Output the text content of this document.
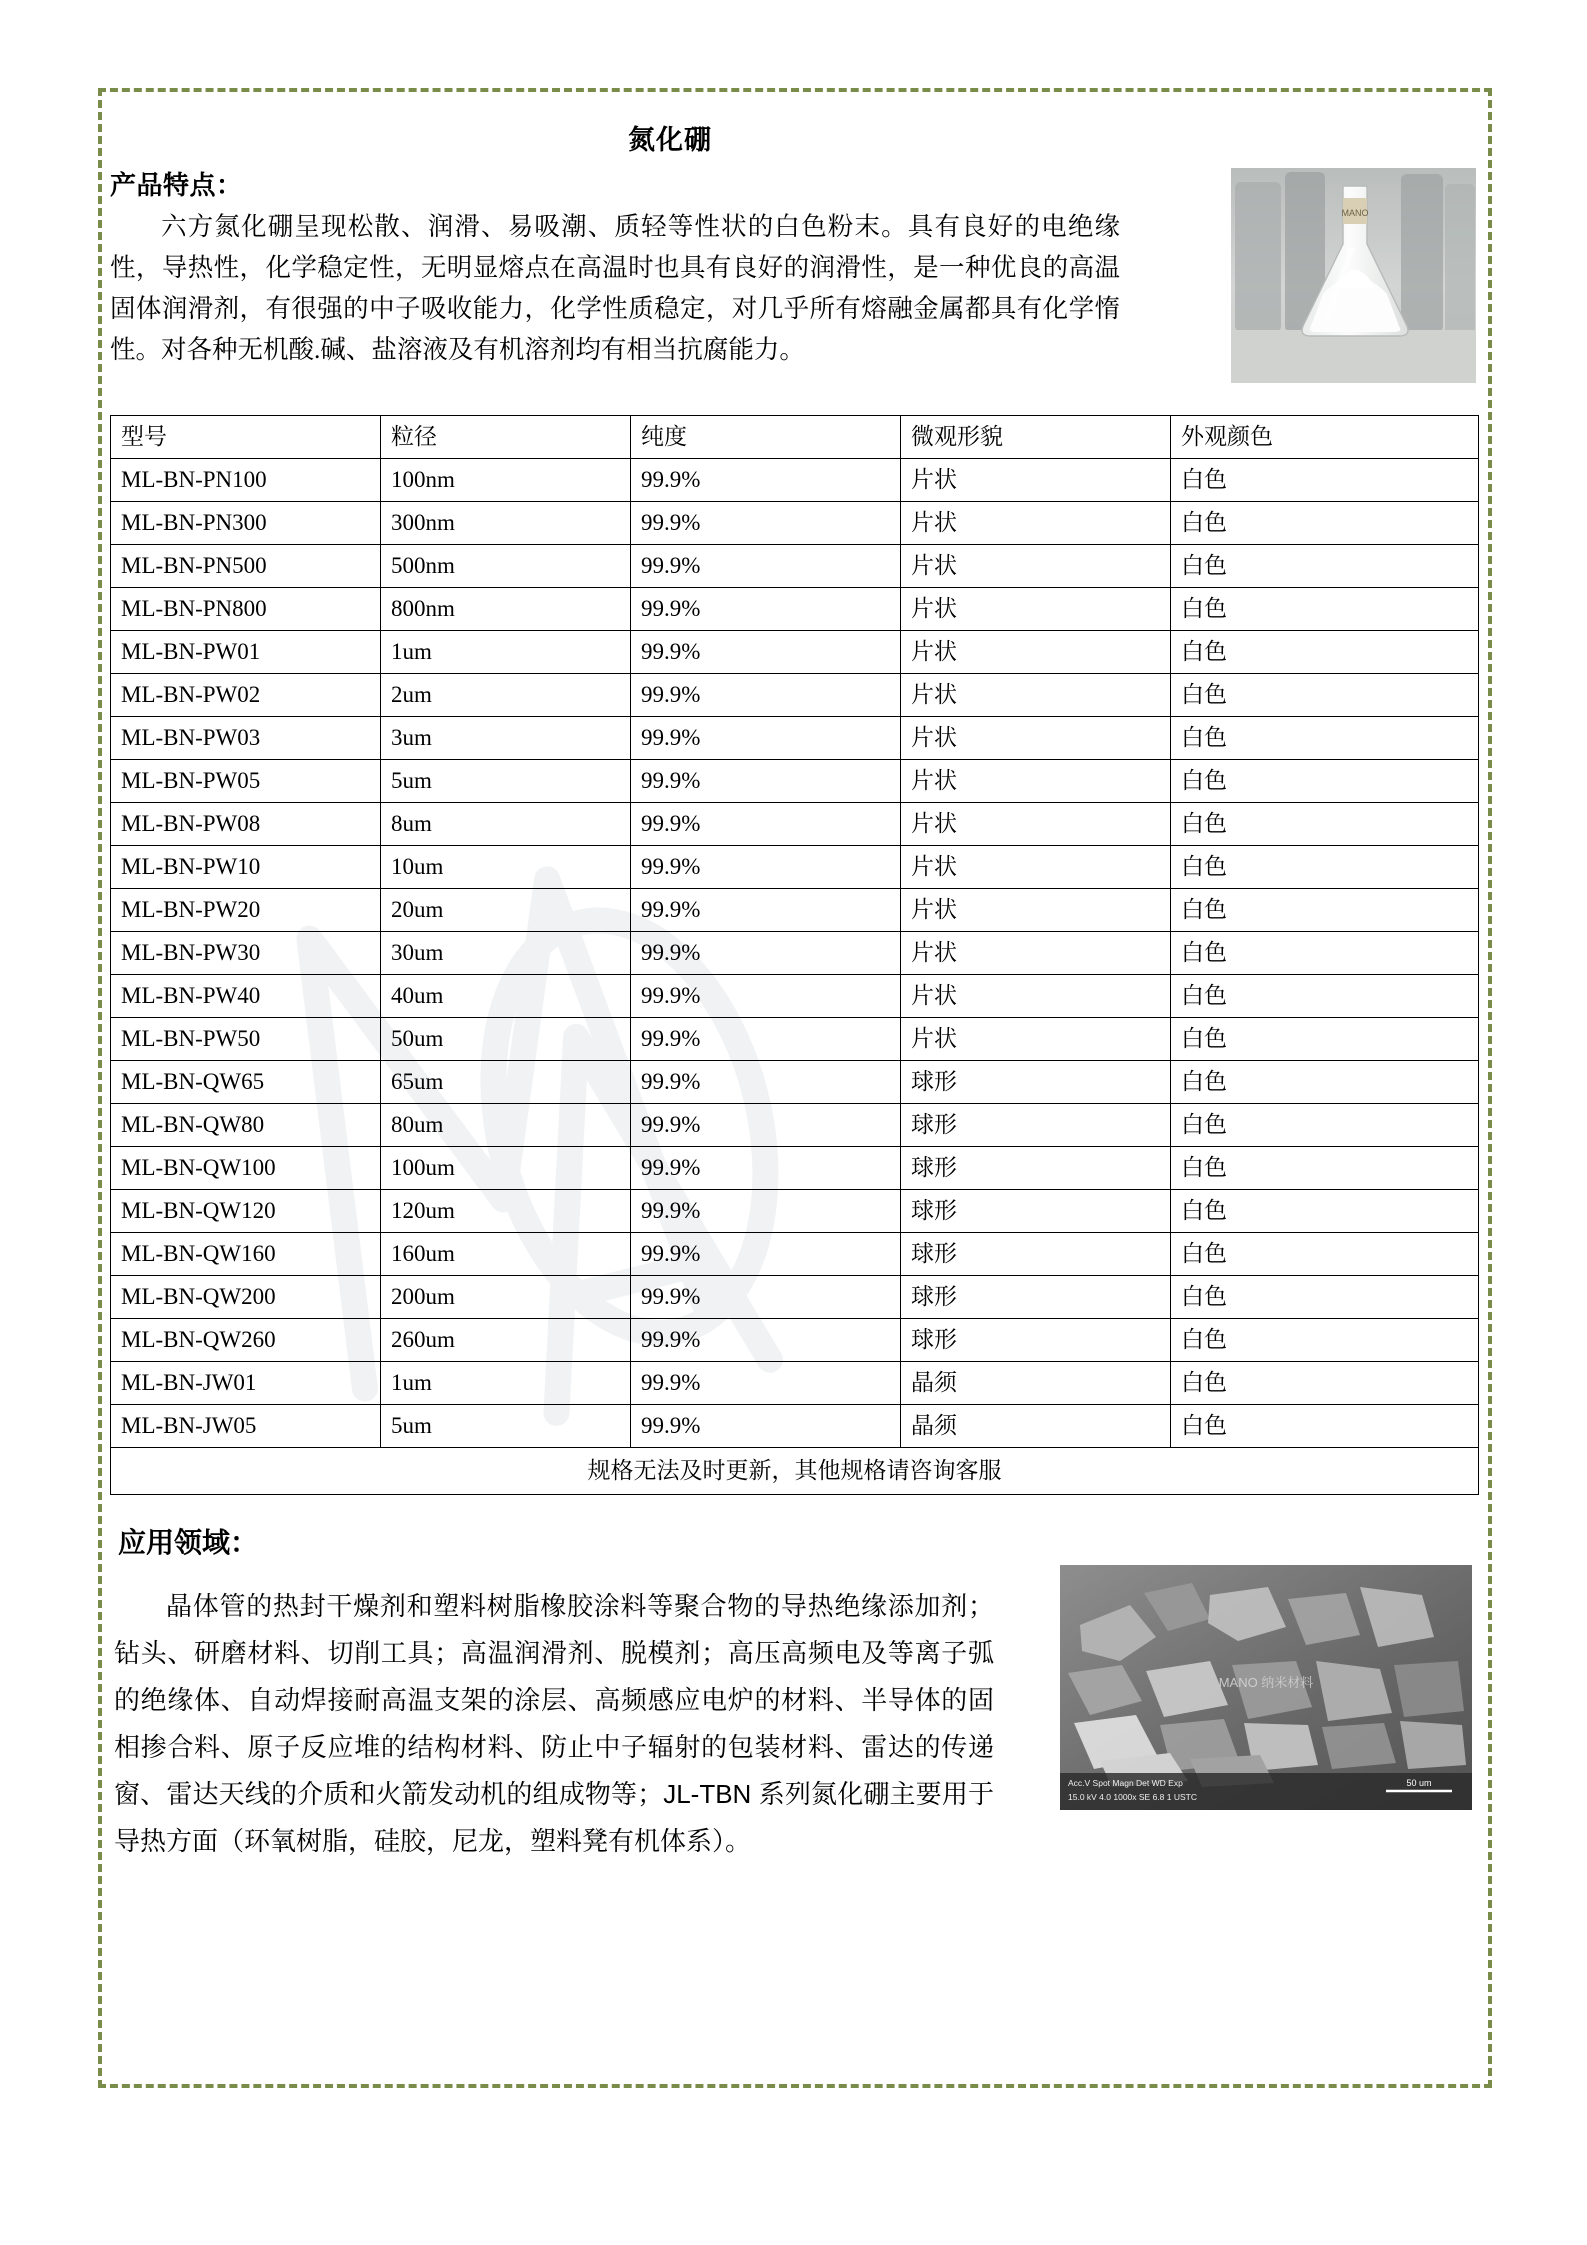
氮化硼
产品特点：
MANO
六方氮化硼呈现松散、润滑、易吸潮、质轻等性状的白色粉末。具有良好的电绝缘性，导热性，化学稳定性，无明显熔点在高温时也具有良好的润滑性，是一种优良的高温固体润滑剂，有很强的中子吸收能力，化学性质稳定，对几乎所有熔融金属都具有化学惰性。对各种无机酸.碱、盐溶液及有机溶剂均有相当抗腐能力。
型号	粒径	纯度	微观形貌	外观颜色
ML-BN-PN100	100nm	99.9%	片状	白色
ML-BN-PN300	300nm	99.9%	片状	白色
ML-BN-PN500	500nm	99.9%	片状	白色
ML-BN-PN800	800nm	99.9%	片状	白色
ML-BN-PW01	1um	99.9%	片状	白色
ML-BN-PW02	2um	99.9%	片状	白色
ML-BN-PW03	3um	99.9%	片状	白色
ML-BN-PW05	5um	99.9%	片状	白色
ML-BN-PW08	8um	99.9%	片状	白色
ML-BN-PW10	10um	99.9%	片状	白色
ML-BN-PW20	20um	99.9%	片状	白色
ML-BN-PW30	30um	99.9%	片状	白色
ML-BN-PW40	40um	99.9%	片状	白色
ML-BN-PW50	50um	99.9%	片状	白色
ML-BN-QW65	65um	99.9%	球形	白色
ML-BN-QW80	80um	99.9%	球形	白色
ML-BN-QW100	100um	99.9%	球形	白色
ML-BN-QW120	120um	99.9%	球形	白色
ML-BN-QW160	160um	99.9%	球形	白色
ML-BN-QW200	200um	99.9%	球形	白色
ML-BN-QW260	260um	99.9%	球形	白色
ML-BN-JW01	1um	99.9%	晶须	白色
ML-BN-JW05	5um	99.9%	晶须	白色
规格无法及时更新，其他规格请咨询客服				
应用领域：
MANO 纳米材料
Acc.V Spot Magn Det WD Exp
15.0 kV 4.0 1000x SE 6.8 1 USTC
50 um
晶体管的热封干燥剂和塑料树脂橡胶涂料等聚合物的导热绝缘添加剂；钻头、研磨材料、切削工具；高温润滑剂、脱模剂；高压高频电及等离子弧的绝缘体、自动焊接耐高温支架的涂层、高频感应电炉的材料、半导体的固相掺合料、原子反应堆的结构材料、防止中子辐射的包装材料、雷达的传递窗、雷达天线的介质和火箭发动机的组成物等；JL-TBN 系列氮化硼主要用于导热方面（环氧树脂，硅胶，尼龙，塑料凳有机体系）。
